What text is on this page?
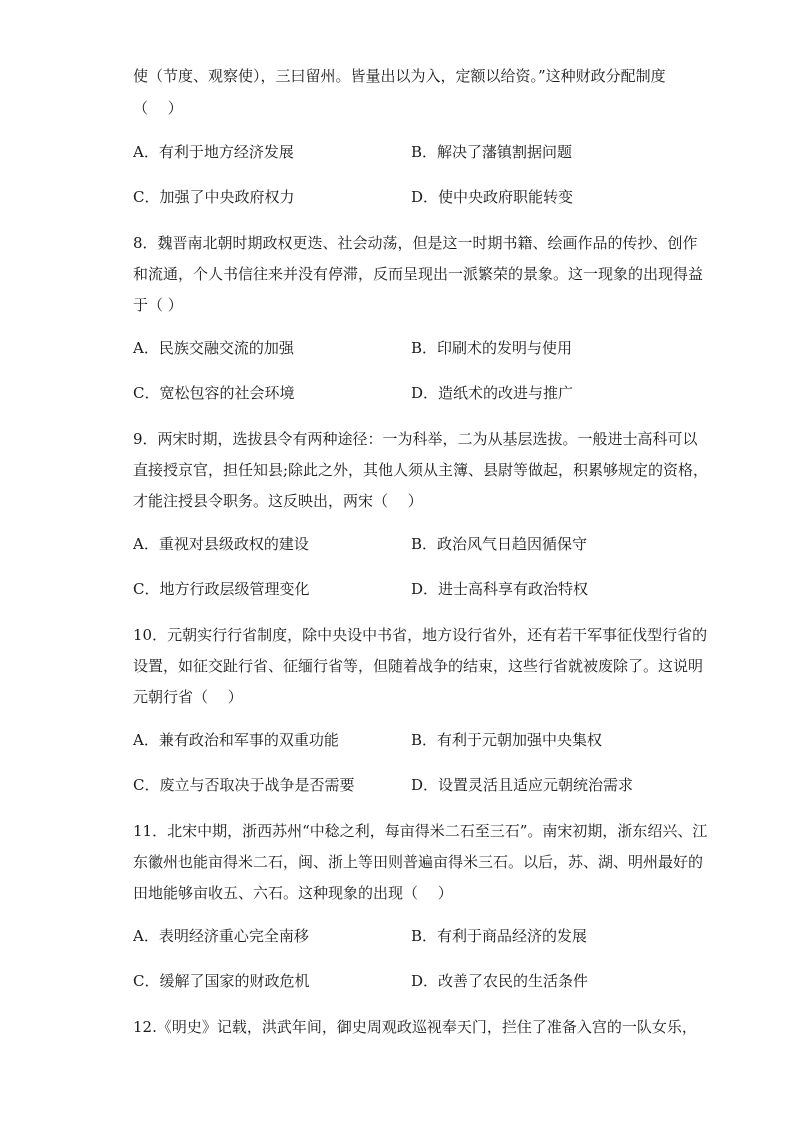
使（节度、观察使），三曰留州。皆量出以为入，定额以给资。”这种财政分配制度
（　 ）
A．有利于地方经济发展	B．解决了藩镇割据问题
C．加强了中央政府权力	D．使中央政府职能转变
8．魏晋南北朝时期政权更迭、社会动荡，但是这一时期书籍、绘画作品的传抄、创作
和流通，个人书信往来并没有停滞，反而呈现出一派繁荣的景象。这一现象的出现得益
于（ ）
A．民族交融交流的加强	B．印刷术的发明与使用
C．宽松包容的社会环境	D．造纸术的改进与推广
9．两宋时期，选拔县令有两种途径：一为科举，二为从基层选拔。一般进士高科可以
直接授京官，担任知县;除此之外，其他人须从主簿、县尉等做起，积累够规定的资格，
才能注授县令职务。这反映出，两宋（　 ）
A．重视对县级政权的建设	B．政治风气日趋因循保守
C．地方行政层级管理变化	D．进士高科享有政治特权
10．元朝实行行省制度，除中央设中书省，地方设行省外，还有若干军事征伐型行省的
设置，如征交趾行省、征缅行省等，但随着战争的结束，这些行省就被废除了。这说明
元朝行省（　 ）
A．兼有政治和军事的双重功能	B．有利于元朝加强中央集权
C．废立与否取决于战争是否需要	D．设置灵活且适应元朝统治需求
11．北宋中期，浙西苏州“中稔之利，每亩得米二石至三石”。南宋初期，浙东绍兴、江
东徽州也能亩得米二石，闽、浙上等田则普遍亩得米三石。以后，苏、湖、明州最好的
田地能够亩收五、六石。这种现象的出现（　 ）
A．表明经济重心完全南移	B．有利于商品经济的发展
C．缓解了国家的财政危机	D．改善了农民的生活条件
12.《明史》记载，洪武年间，御史周观政巡视奉天门，拦住了准备入宫的一队女乐，
